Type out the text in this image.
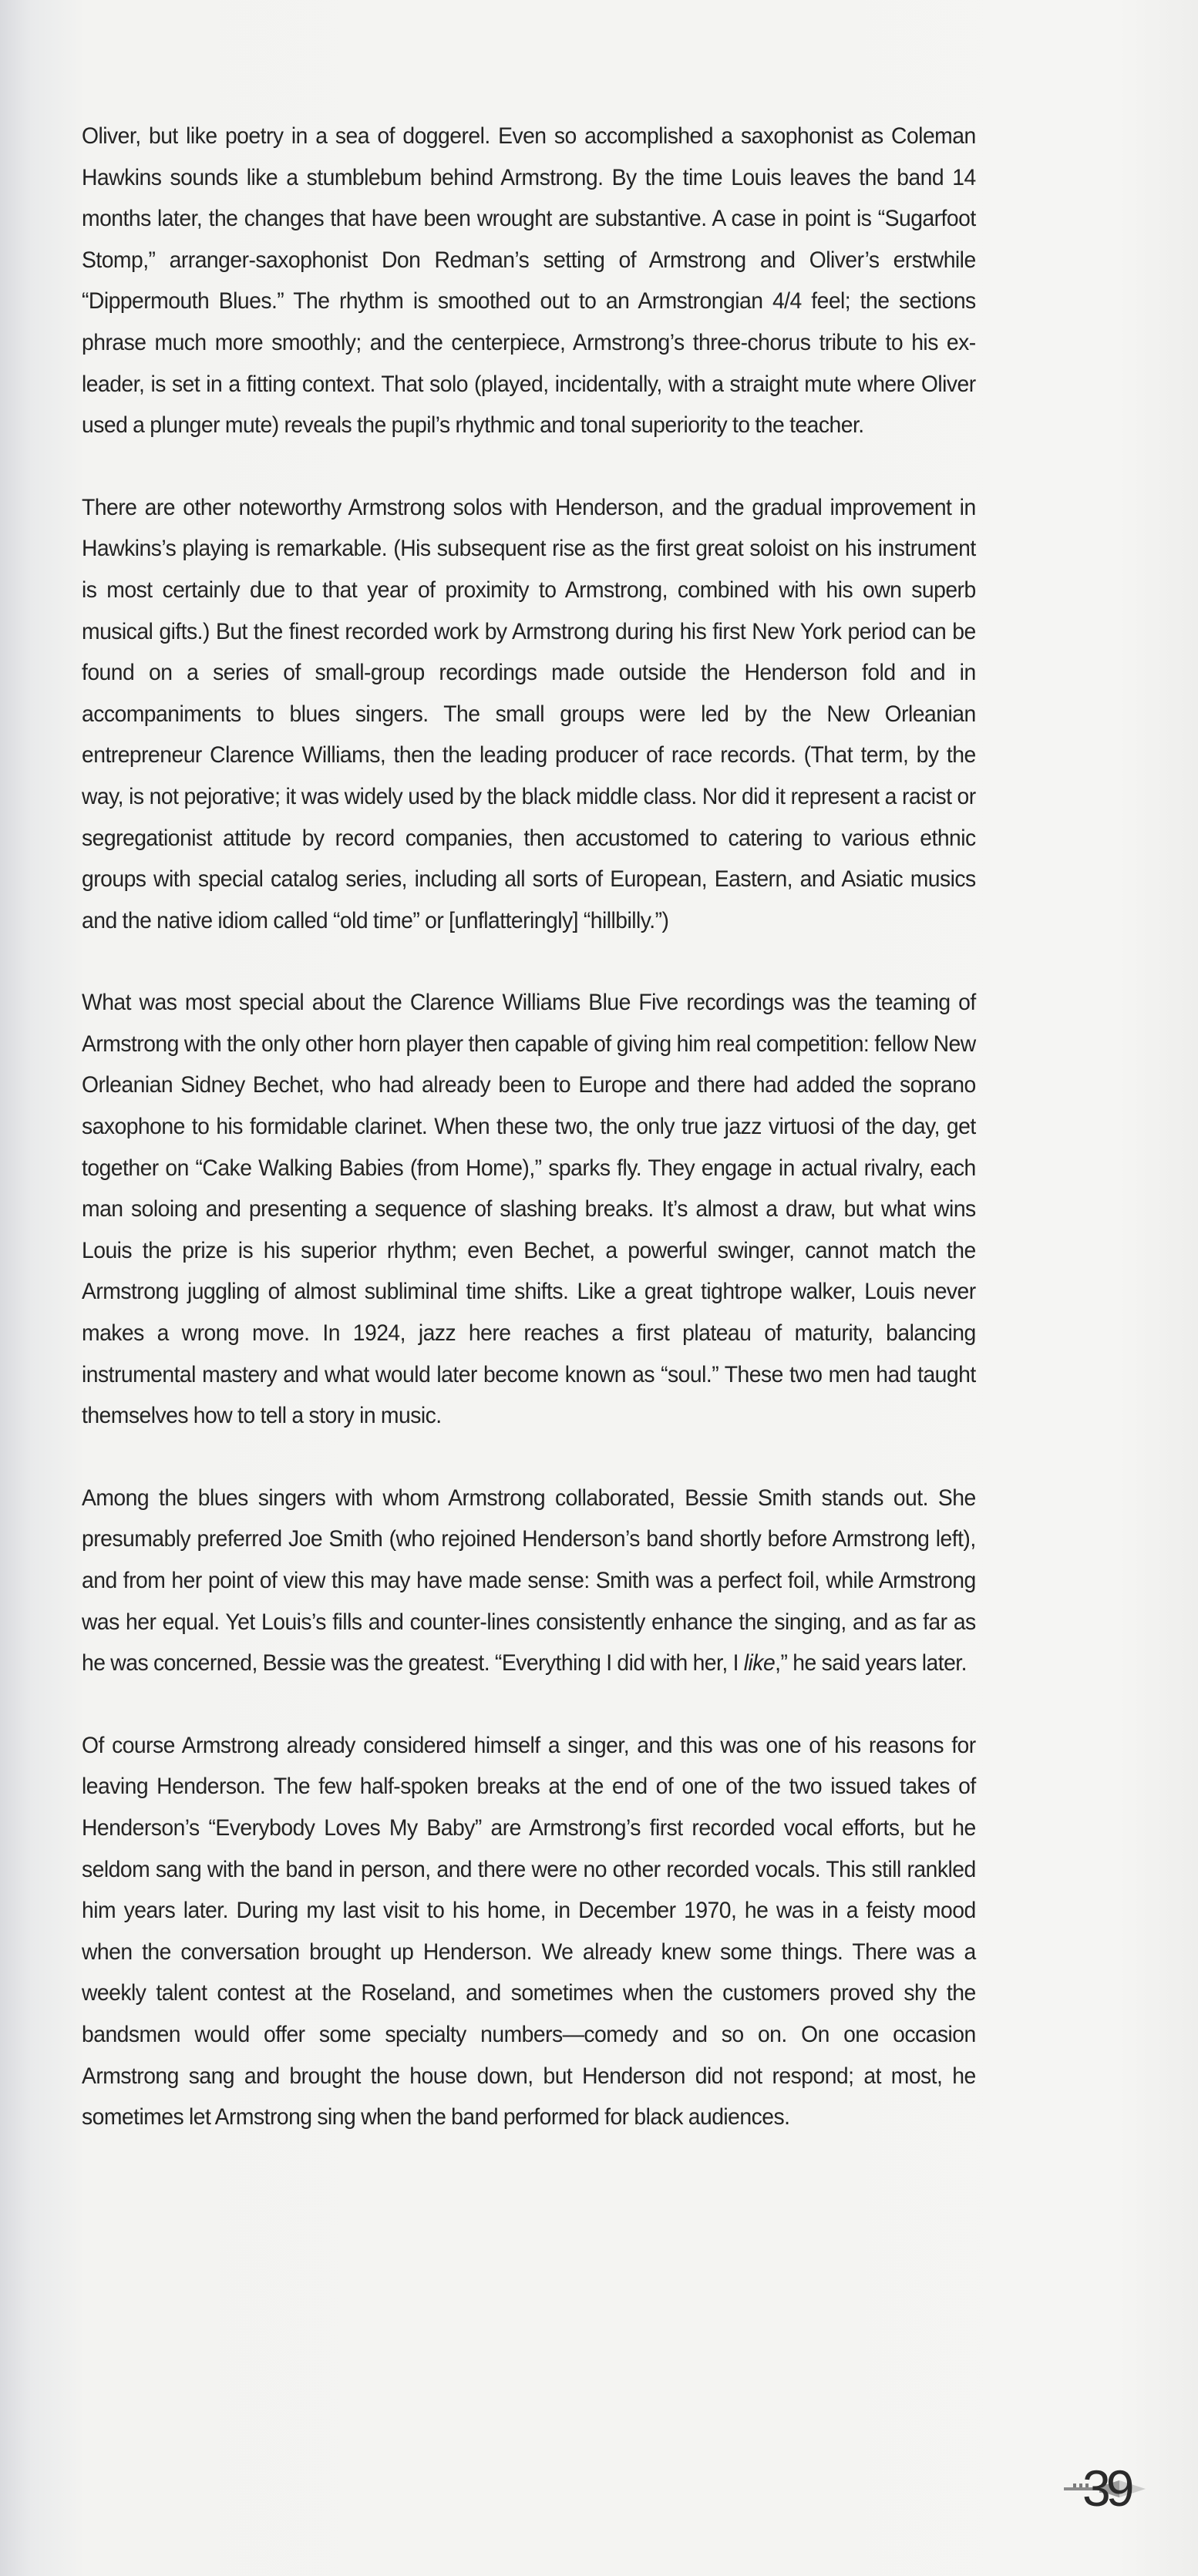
Oliver, but like poetry in a sea of doggerel. Even so accomplished a saxophonist as Coleman Hawkins sounds like a stumblebum behind Armstrong. By the time Louis leaves the band 14 months later, the changes that have been wrought are substantive. A case in point is “Sugarfoot Stomp,” arranger-saxophonist Don Redman’s setting of Armstrong and Oliver’s erstwhile “Dippermouth Blues.” The rhythm is smoothed out to an Armstrongian 4/4 feel; the sections phrase much more smoothly; and the centerpiece, Armstrong’s three-chorus tribute to his ex-leader, is set in a fitting context. That solo (played, incidentally, with a straight mute where Oliver used a plunger mute) reveals the pupil’s rhythmic and tonal superiority to the teacher.

There are other noteworthy Armstrong solos with Henderson, and the gradual improvement in Hawkins’s playing is remarkable. (His subsequent rise as the first great soloist on his instrument is most certainly due to that year of proximity to Armstrong, combined with his own superb musical gifts.) But the finest recorded work by Armstrong during his first New York period can be found on a series of small-group recordings made outside the Henderson fold and in accompaniments to blues singers. The small groups were led by the New Orleanian entrepreneur Clarence Williams, then the leading producer of race records. (That term, by the way, is not pejorative; it was widely used by the black middle class. Nor did it represent a racist or segregationist attitude by record companies, then accustomed to catering to various ethnic groups with special catalog series, including all sorts of European, Eastern, and Asiatic musics and the native idiom called “old time” or [unflatteringly] “hillbilly.”)

What was most special about the Clarence Williams Blue Five recordings was the teaming of Armstrong with the only other horn player then capable of giving him real competition: fellow New Orleanian Sidney Bechet, who had already been to Europe and there had added the soprano saxophone to his formidable clarinet. When these two, the only true jazz virtuosi of the day, get together on “Cake Walking Babies (from Home),” sparks fly. They engage in actual rivalry, each man soloing and presenting a sequence of slashing breaks. It’s almost a draw, but what wins Louis the prize is his superior rhythm; even Bechet, a powerful swinger, cannot match the Armstrong juggling of almost subliminal time shifts. Like a great tightrope walker, Louis never makes a wrong move. In 1924, jazz here reaches a first plateau of maturity, balancing instrumental mastery and what would later become known as “soul.” These two men had taught themselves how to tell a story in music.

Among the blues singers with whom Armstrong collaborated, Bessie Smith stands out. She presumably preferred Joe Smith (who rejoined Henderson’s band shortly before Armstrong left), and from her point of view this may have made sense: Smith was a perfect foil, while Armstrong was her equal. Yet Louis’s fills and counter-lines consistently enhance the singing, and as far as he was concerned, Bessie was the greatest. “Everything I did with her, I like,” he said years later.

Of course Armstrong already considered himself a singer, and this was one of his reasons for leaving Henderson. The few half-spoken breaks at the end of one of the two issued takes of Henderson’s “Everybody Loves My Baby” are Armstrong’s first recorded vocal efforts, but he seldom sang with the band in person, and there were no other recorded vocals. This still rankled him years later. During my last visit to his home, in December 1970, he was in a feisty mood when the conversation brought up Henderson. We already knew some things. There was a weekly talent contest at the Roseland, and sometimes when the customers proved shy the bandsmen would offer some specialty numbers—comedy and so on. On one occasion Armstrong sang and brought the house down, but Henderson did not respond; at most, he sometimes let Armstrong sing when the band performed for black audiences.

39
